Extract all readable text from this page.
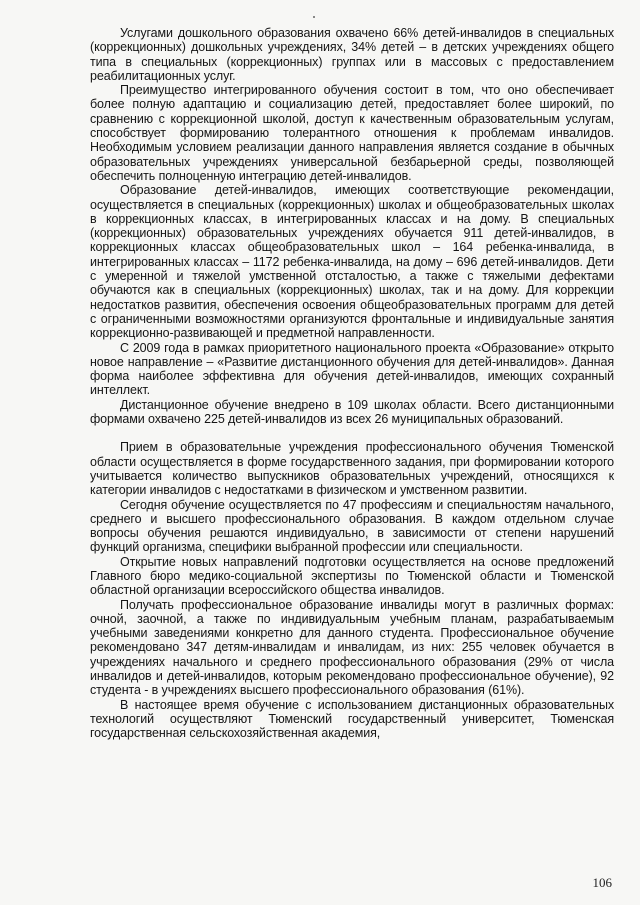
Услугами дошкольного образования охвачено 66% детей-инвалидов в специальных (коррекционных) дошкольных учреждениях, 34% детей – в детских учреждениях общего типа в специальных (коррекционных) группах или в массовых с предоставлением реабилитационных услуг.

Преимущество интегрированного обучения состоит в том, что оно обеспечивает более полную адаптацию и социализацию детей, предоставляет более широкий, по сравнению с коррекционной школой, доступ к качественным образовательным услугам, способствует формированию толерантного отношения к проблемам инвалидов. Необходимым условием реализации данного направления является создание в обычных образовательных учреждениях универсальной безбарьерной среды, позволяющей обеспечить полноценную интеграцию детей-инвалидов.

Образование детей-инвалидов, имеющих соответствующие рекомендации, осуществляется в специальных (коррекционных) школах и общеобразовательных школах в коррекционных классах, в интегрированных классах и на дому. В специальных (коррекционных) образовательных учреждениях обучается 911 детей-инвалидов, в коррекционных классах общеобразовательных школ – 164 ребенка-инвалида, в интегрированных классах – 1172 ребенка-инвалида, на дому – 696 детей-инвалидов. Дети с умеренной и тяжелой умственной отсталостью, а также с тяжелыми дефектами обучаются как в специальных (коррекционных) школах, так и на дому. Для коррекции недостатков развития, обеспечения освоения общеобразовательных программ для детей с ограниченными возможностями организуются фронтальные и индивидуальные занятия коррекционно-развивающей и предметной направленности.

С 2009 года в рамках приоритетного национального проекта «Образование» открыто новое направление – «Развитие дистанционного обучения для детей-инвалидов». Данная форма наиболее эффективна для обучения детей-инвалидов, имеющих сохранный интеллект.

Дистанционное обучение внедрено в 109 школах области. Всего дистанционными формами охвачено 225 детей-инвалидов из всех 26 муниципальных образований.

Прием в образовательные учреждения профессионального обучения Тюменской области осуществляется в форме государственного задания, при формировании которого учитывается количество выпускников образовательных учреждений, относящихся к категории инвалидов с недостатками в физическом и умственном развитии.

Сегодня обучение осуществляется по 47 профессиям и специальностям начального, среднего и высшего профессионального образования. В каждом отдельном случае вопросы обучения решаются индивидуально, в зависимости от степени нарушений функций организма, специфики выбранной профессии или специальности.

Открытие новых направлений подготовки осуществляется на основе предложений Главного бюро медико-социальной экспертизы по Тюменской области и Тюменской областной организации всероссийского общества инвалидов.

Получать профессиональное образование инвалиды могут в различных формах: очной, заочной, а также по индивидуальным учебным планам, разрабатываемым учебными заведениями конкретно для данного студента. Профессиональное обучение рекомендовано 347 детям-инвалидам и инвалидам, из них: 255 человек обучается в учреждениях начального и среднего профессионального образования (29% от числа инвалидов и детей-инвалидов, которым рекомендовано профессиональное обучение), 92 студента - в учреждениях высшего профессионального образования (61%).

В настоящее время обучение с использованием дистанционных образовательных технологий осуществляют Тюменский государственный университет, Тюменская государственная сельскохозяйственная академия,

106
